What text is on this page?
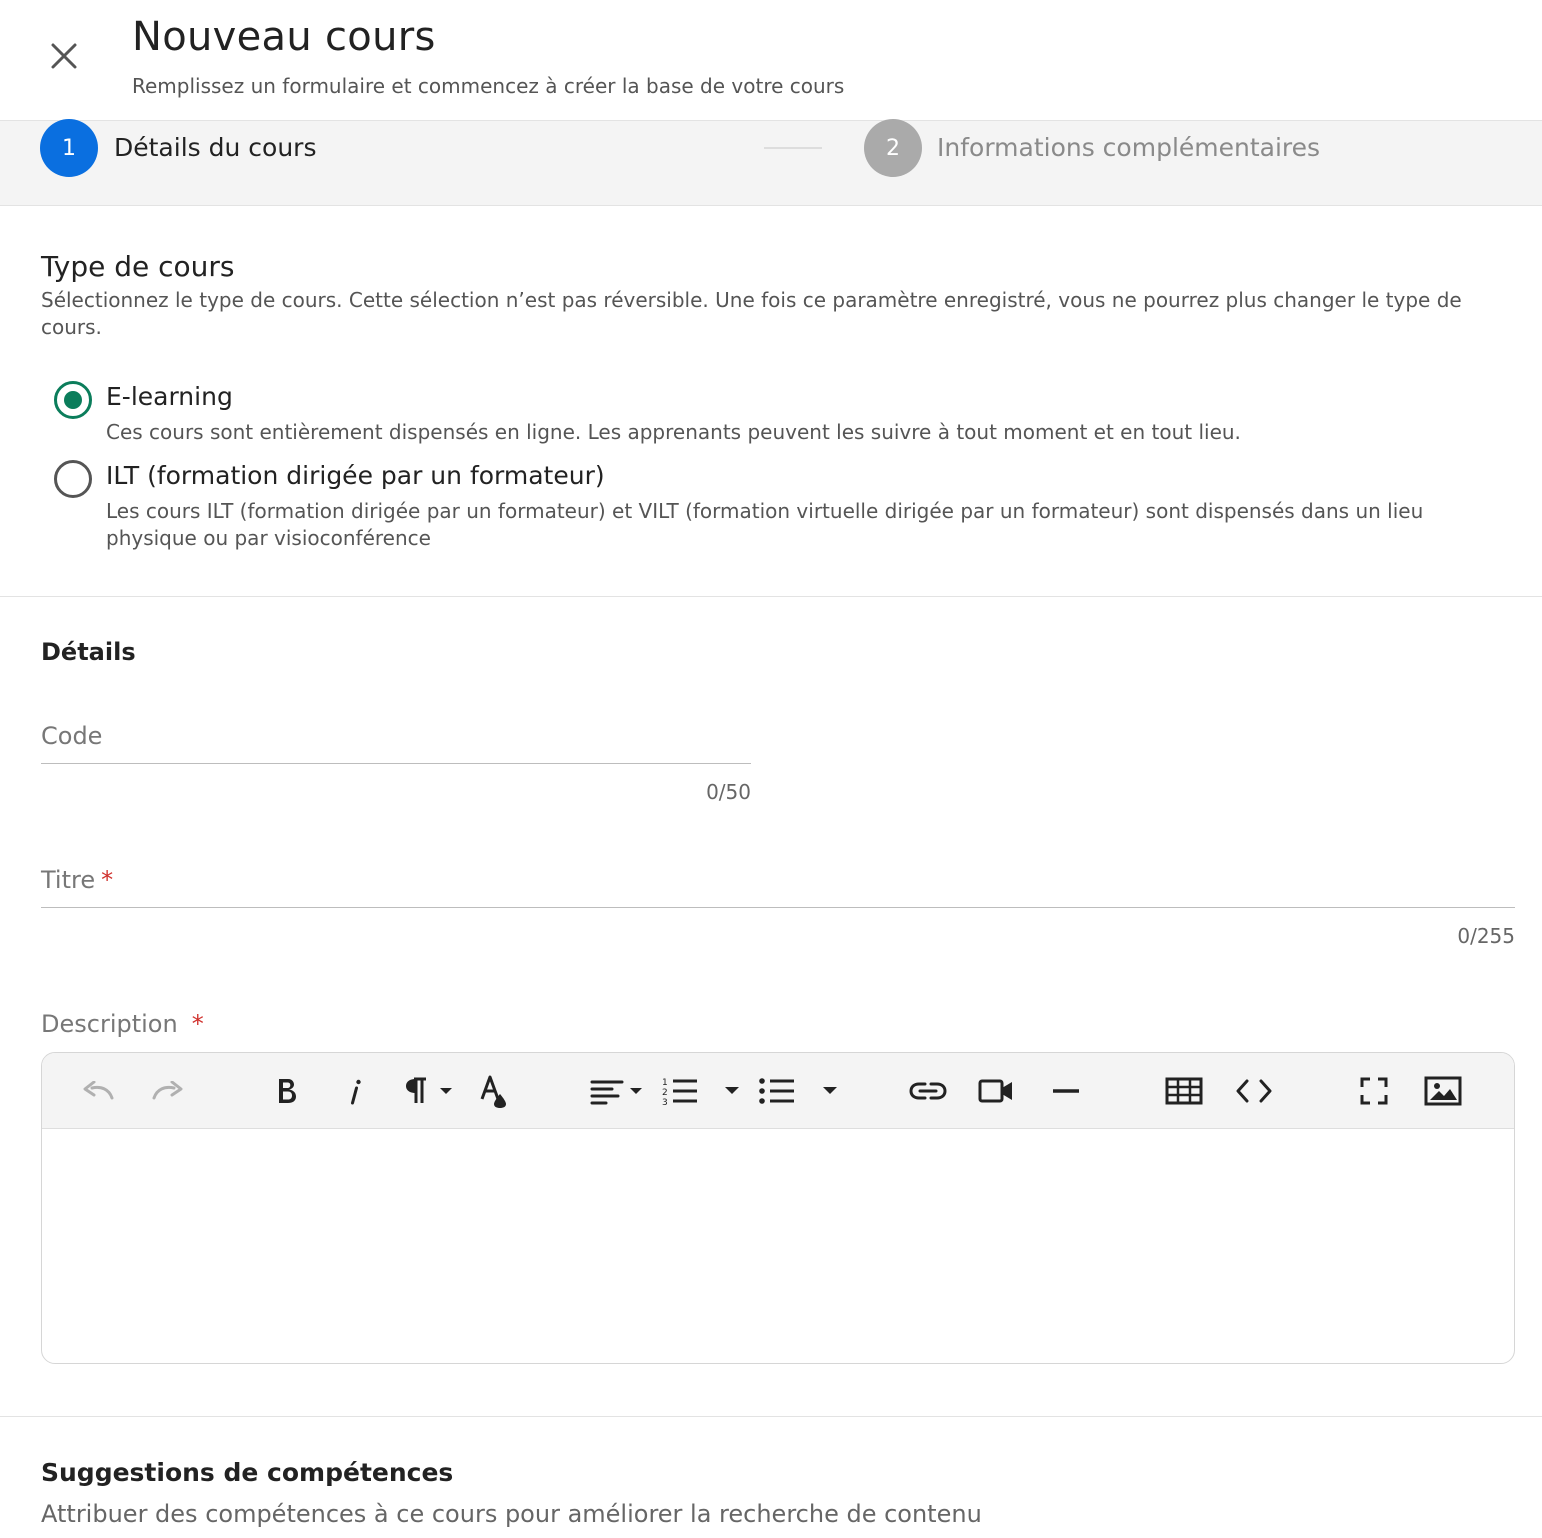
Nouveau cours
Remplissez un formulaire et commencez à créer la base de votre cours
1	Détails du cours	2	Informations complémentaires
Type de cours
Sélectionnez le type de cours. Cette sélection n’est pas réversible. Une fois ce paramètre enregistré, vous ne pourrez plus changer le type de cours.
E-learning
Ces cours sont entièrement dispensés en ligne. Les apprenants peuvent les suivre à tout moment et en tout lieu.
ILT (formation dirigée par un formateur)
Les cours ILT (formation dirigée par un formateur) et VILT (formation virtuelle dirigée par un formateur) sont dispensés dans un lieu physique ou par visioconférence
Détails
Code
0/50
Titre *
0/255
Description *
1
2
3
Suggestions de compétences
Attribuer des compétences à ce cours pour améliorer la recherche de contenu
